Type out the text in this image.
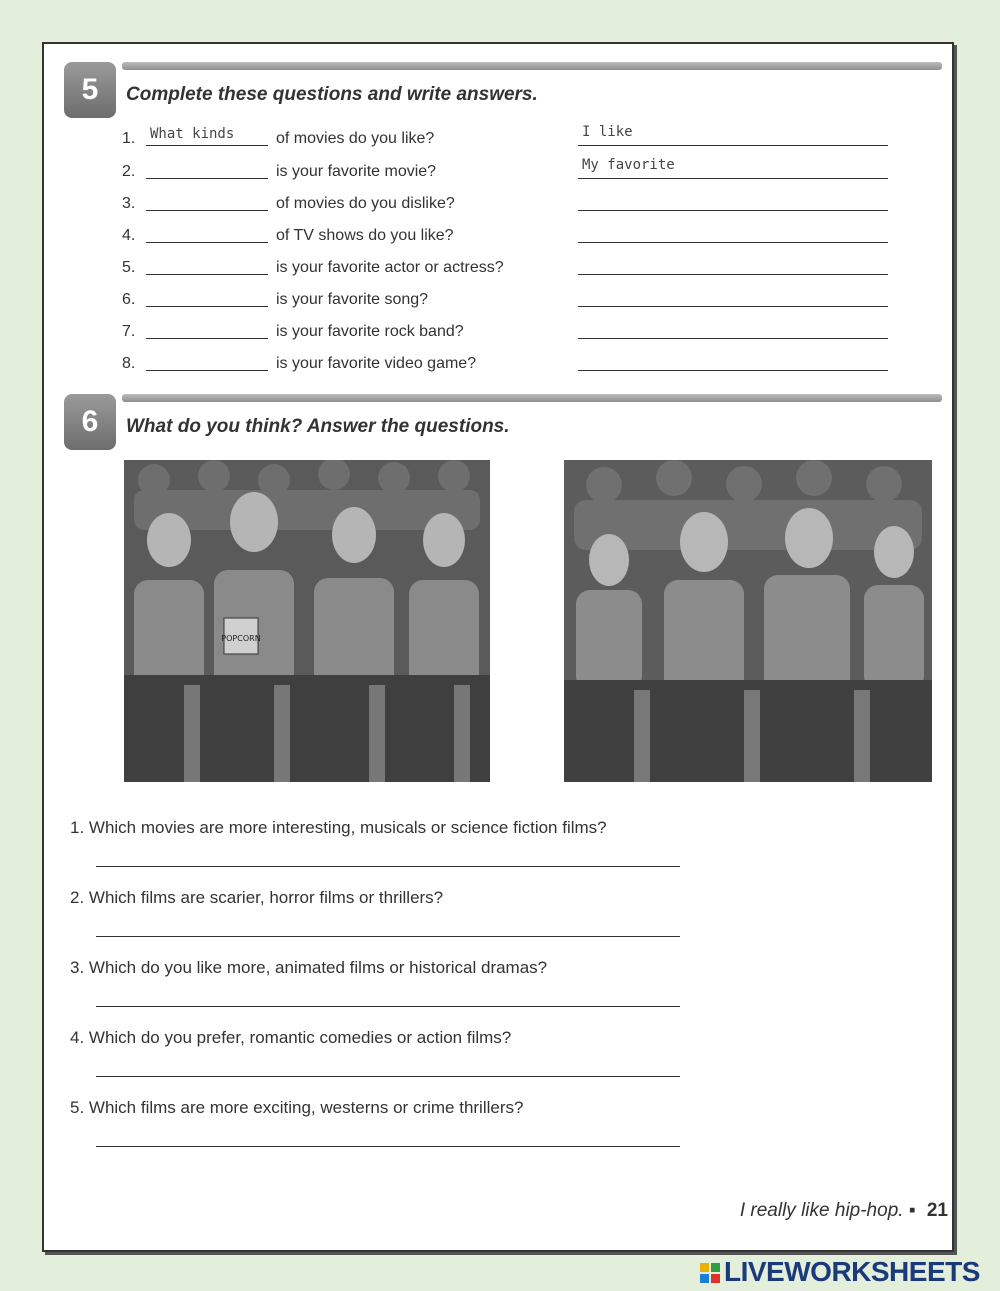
5	Complete these questions and write answers.
1. What kinds	of movies do you like?	I like
2.	is your favorite movie?	My favorite
3.	of movies do you dislike?
4.	of TV shows do you like?
5.	is your favorite actor or actress?
6.	is your favorite song?
7.	is your favorite rock band?
8.	is your favorite video game?
6	What do you think? Answer the questions.
POPCORN
1. Which movies are more interesting, musicals or science fiction films?
2. Which films are scarier, horror films or thrillers?
3. Which do you like more, animated films or historical dramas?
4. Which do you prefer, romantic comedies or action films?
5. Which films are more exciting, westerns or crime thrillers?
I really like hip-hop. ▪ 21
LIVEWORKSHEETS
